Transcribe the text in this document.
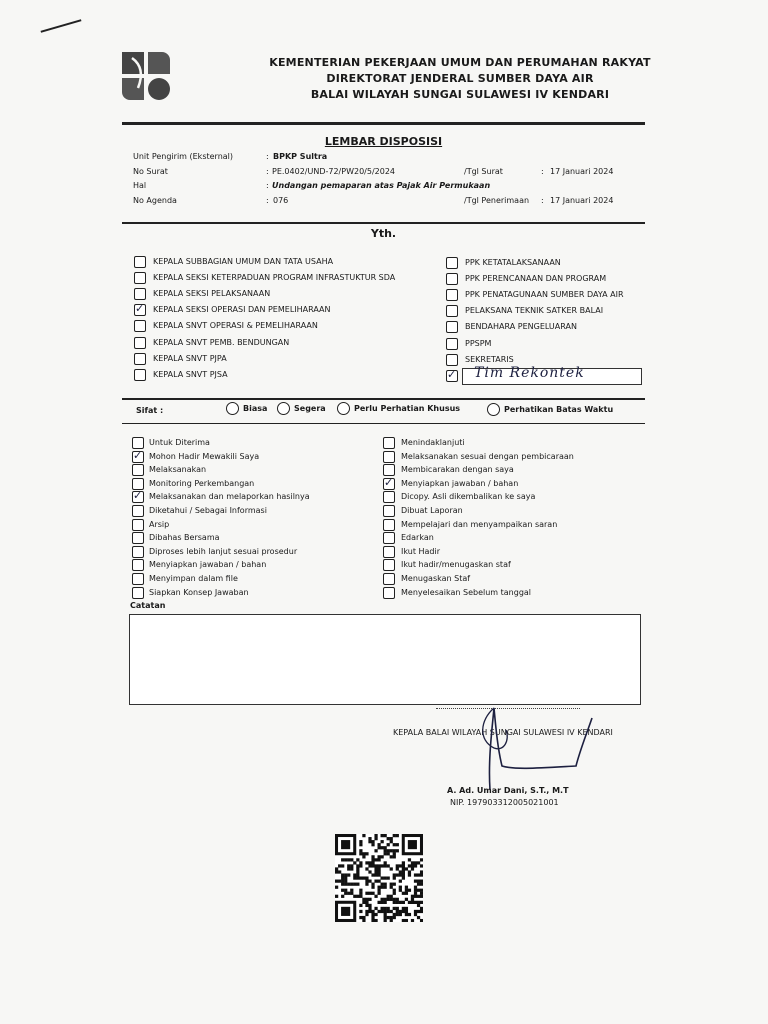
KEMENTERIAN PEKERJAAN UMUM DAN PERUMAHAN RAKYAT
DIREKTORAT JENDERAL SUMBER DAYA AIR
BALAI WILAYAH SUNGAI SULAWESI IV KENDARI
LEMBAR DISPOSISI
Unit Pengirim (Eksternal)	: BPKP Sultra
No Surat	: PE.0402/UND-72/PW20/5/2024	/Tgl Surat	: 17 Januari 2024
Hal	: Undangan pemaparan atas Pajak Air Permukaan
No Agenda	: 076	/Tgl Penerimaan : 17 Januari 2024
Yth.
KEPALA SUBBAGIAN UMUM DAN TATA USAHA
KEPALA SEKSI KETERPADUAN PROGRAM INFRASTUKTUR SDA
KEPALA SEKSI PELAKSANAAN
✓ KEPALA SEKSI OPERASI DAN PEMELIHARAAN
KEPALA SNVT OPERASI & PEMELIHARAAN
KEPALA SNVT PEMB. BENDUNGAN
KEPALA SNVT PJPA
KEPALA SNVT PJSA
PPK KETATALAKSANAAN
PPK PERENCANAAN DAN PROGRAM
PPK PENATAGUNAAN SUMBER DAYA AIR
PELAKSANA TEKNIK SATKER BALAI
BENDAHARA PENGELUARAN
PPSPM
SEKRETARIS
✓ Tim Rekontek
Sifat :	Biasa	Segera	Perlu Perhatian Khusus	Perhatikan Batas Waktu
Untuk Diterima
✓ Mohon Hadir Mewakili Saya
Melaksanakan
Monitoring Perkembangan
✓ Melaksanakan dan melaporkan hasilnya
Diketahui / Sebagai Informasi
Arsip
Dibahas Bersama
Diproses lebih lanjut sesuai prosedur
Menyiapkan jawaban / bahan
Menyimpan dalam file
Siapkan Konsep Jawaban
Menindaklanjuti
Melaksanakan sesuai dengan pembicaraan
Membicarakan dengan saya
✓ Menyiapkan jawaban / bahan
Dicopy. Asli dikembalikan ke saya
Dibuat Laporan
Mempelajari dan menyampaikan saran
Edarkan
Ikut Hadir
Ikut hadir/menugaskan staf
Menugaskan Staf
Menyelesaikan Sebelum tanggal
Catatan
KEPALA BALAI WILAYAH SUNGAI SULAWESI IV KENDARI
A. Ad. Umar Dani, S.T., M.T
NIP. 197903312005021001
